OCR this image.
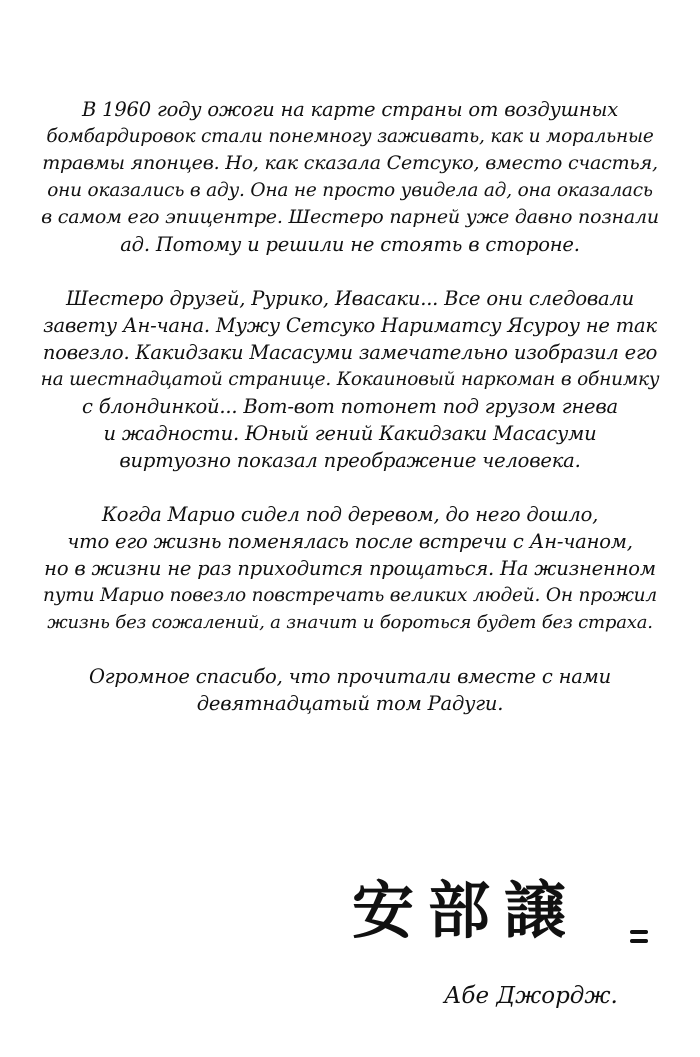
В 1960 году ожоги на карте страны от воздушных
бомбардировок стали понемногу заживать, как и моральные
травмы японцев. Но, как сказала Сетсуко, вместо счастья,
они оказались в аду. Она не просто увидела ад, она оказалась
в самом его эпицентре. Шестеро парней уже давно познали
ад. Потому и решили не стоять в стороне.

Шестеро друзей, Рурико, Ивасаки... Все они следовали
завету Ан-чана. Мужу Сетсуко Нариматсу Ясуроу не так
повезло. Какидзаки Масасуми замечательно изобразил его
на шестнадцатой странице. Кокаиновый наркоман в обнимку
с блондинкой... Вот-вот потонет под грузом гнева
и жадности. Юный гений Какидзаки Масасуми
виртуозно показал преображение человека.

Когда Марио сидел под деревом, до него дошло,
что его жизнь поменялась после встречи с Ан-чаном,
но в жизни не раз приходится прощаться. На жизненном
пути Марио повезло повстречать великих людей. Он прожил
жизнь без сожалений, а значит и бороться будет без страха.

Огромное спасибо, что прочитали вместе с нами
девятнадцатый том Радуги.

安部譲
Абе Джордж.
